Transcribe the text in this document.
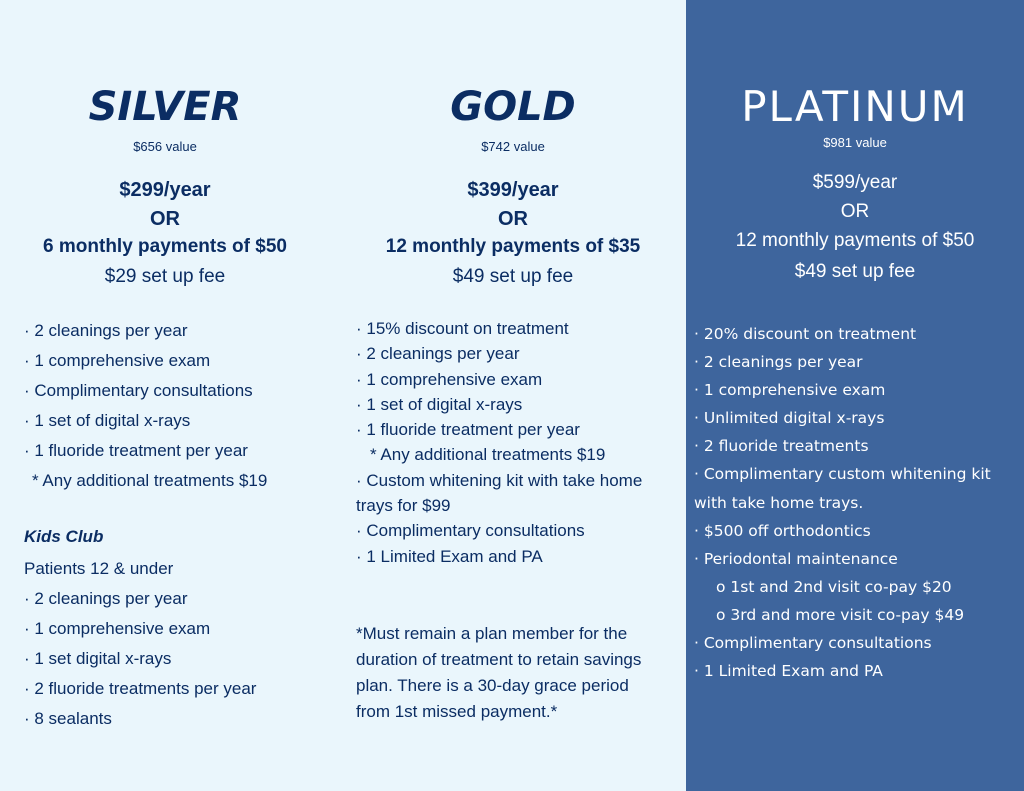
SILVER
$656 value
$299/year
OR
6 monthly payments of $50
$29 set up fee
· 2 cleanings per year
· 1 comprehensive exam
· Complimentary consultations
· 1 set of digital x-rays
· 1 fluoride treatment per year
* Any additional treatments $19
Kids Club
Patients 12 & under
· 2 cleanings per year
· 1 comprehensive exam
· 1 set digital x-rays
· 2 fluoride treatments per year
· 8 sealants
GOLD
$742 value
$399/year
OR
12 monthly payments of $35
$49 set up fee
· 15% discount on treatment
· 2 cleanings per year
· 1 comprehensive exam
· 1 set of digital x-rays
· 1 fluoride treatment per year
* Any additional treatments $19
· Custom whitening kit with take home trays for $99
· Complimentary consultations
· 1 Limited Exam and PA
*Must remain a plan member for the duration of treatment to retain savings plan. There is a 30-day grace period from 1st missed payment.*
PLATINUM
$981 value
$599/year
OR
12 monthly payments of $50
$49 set up fee
· 20% discount on treatment
· 2 cleanings per year
· 1 comprehensive exam
· Unlimited digital x-rays
· 2 fluoride treatments
· Complimentary custom whitening kit with take home trays.
· $500 off orthodontics
· Periodontal maintenance
o 1st and 2nd visit co-pay $20
o 3rd and more visit co-pay $49
· Complimentary consultations
· 1 Limited Exam and PA
